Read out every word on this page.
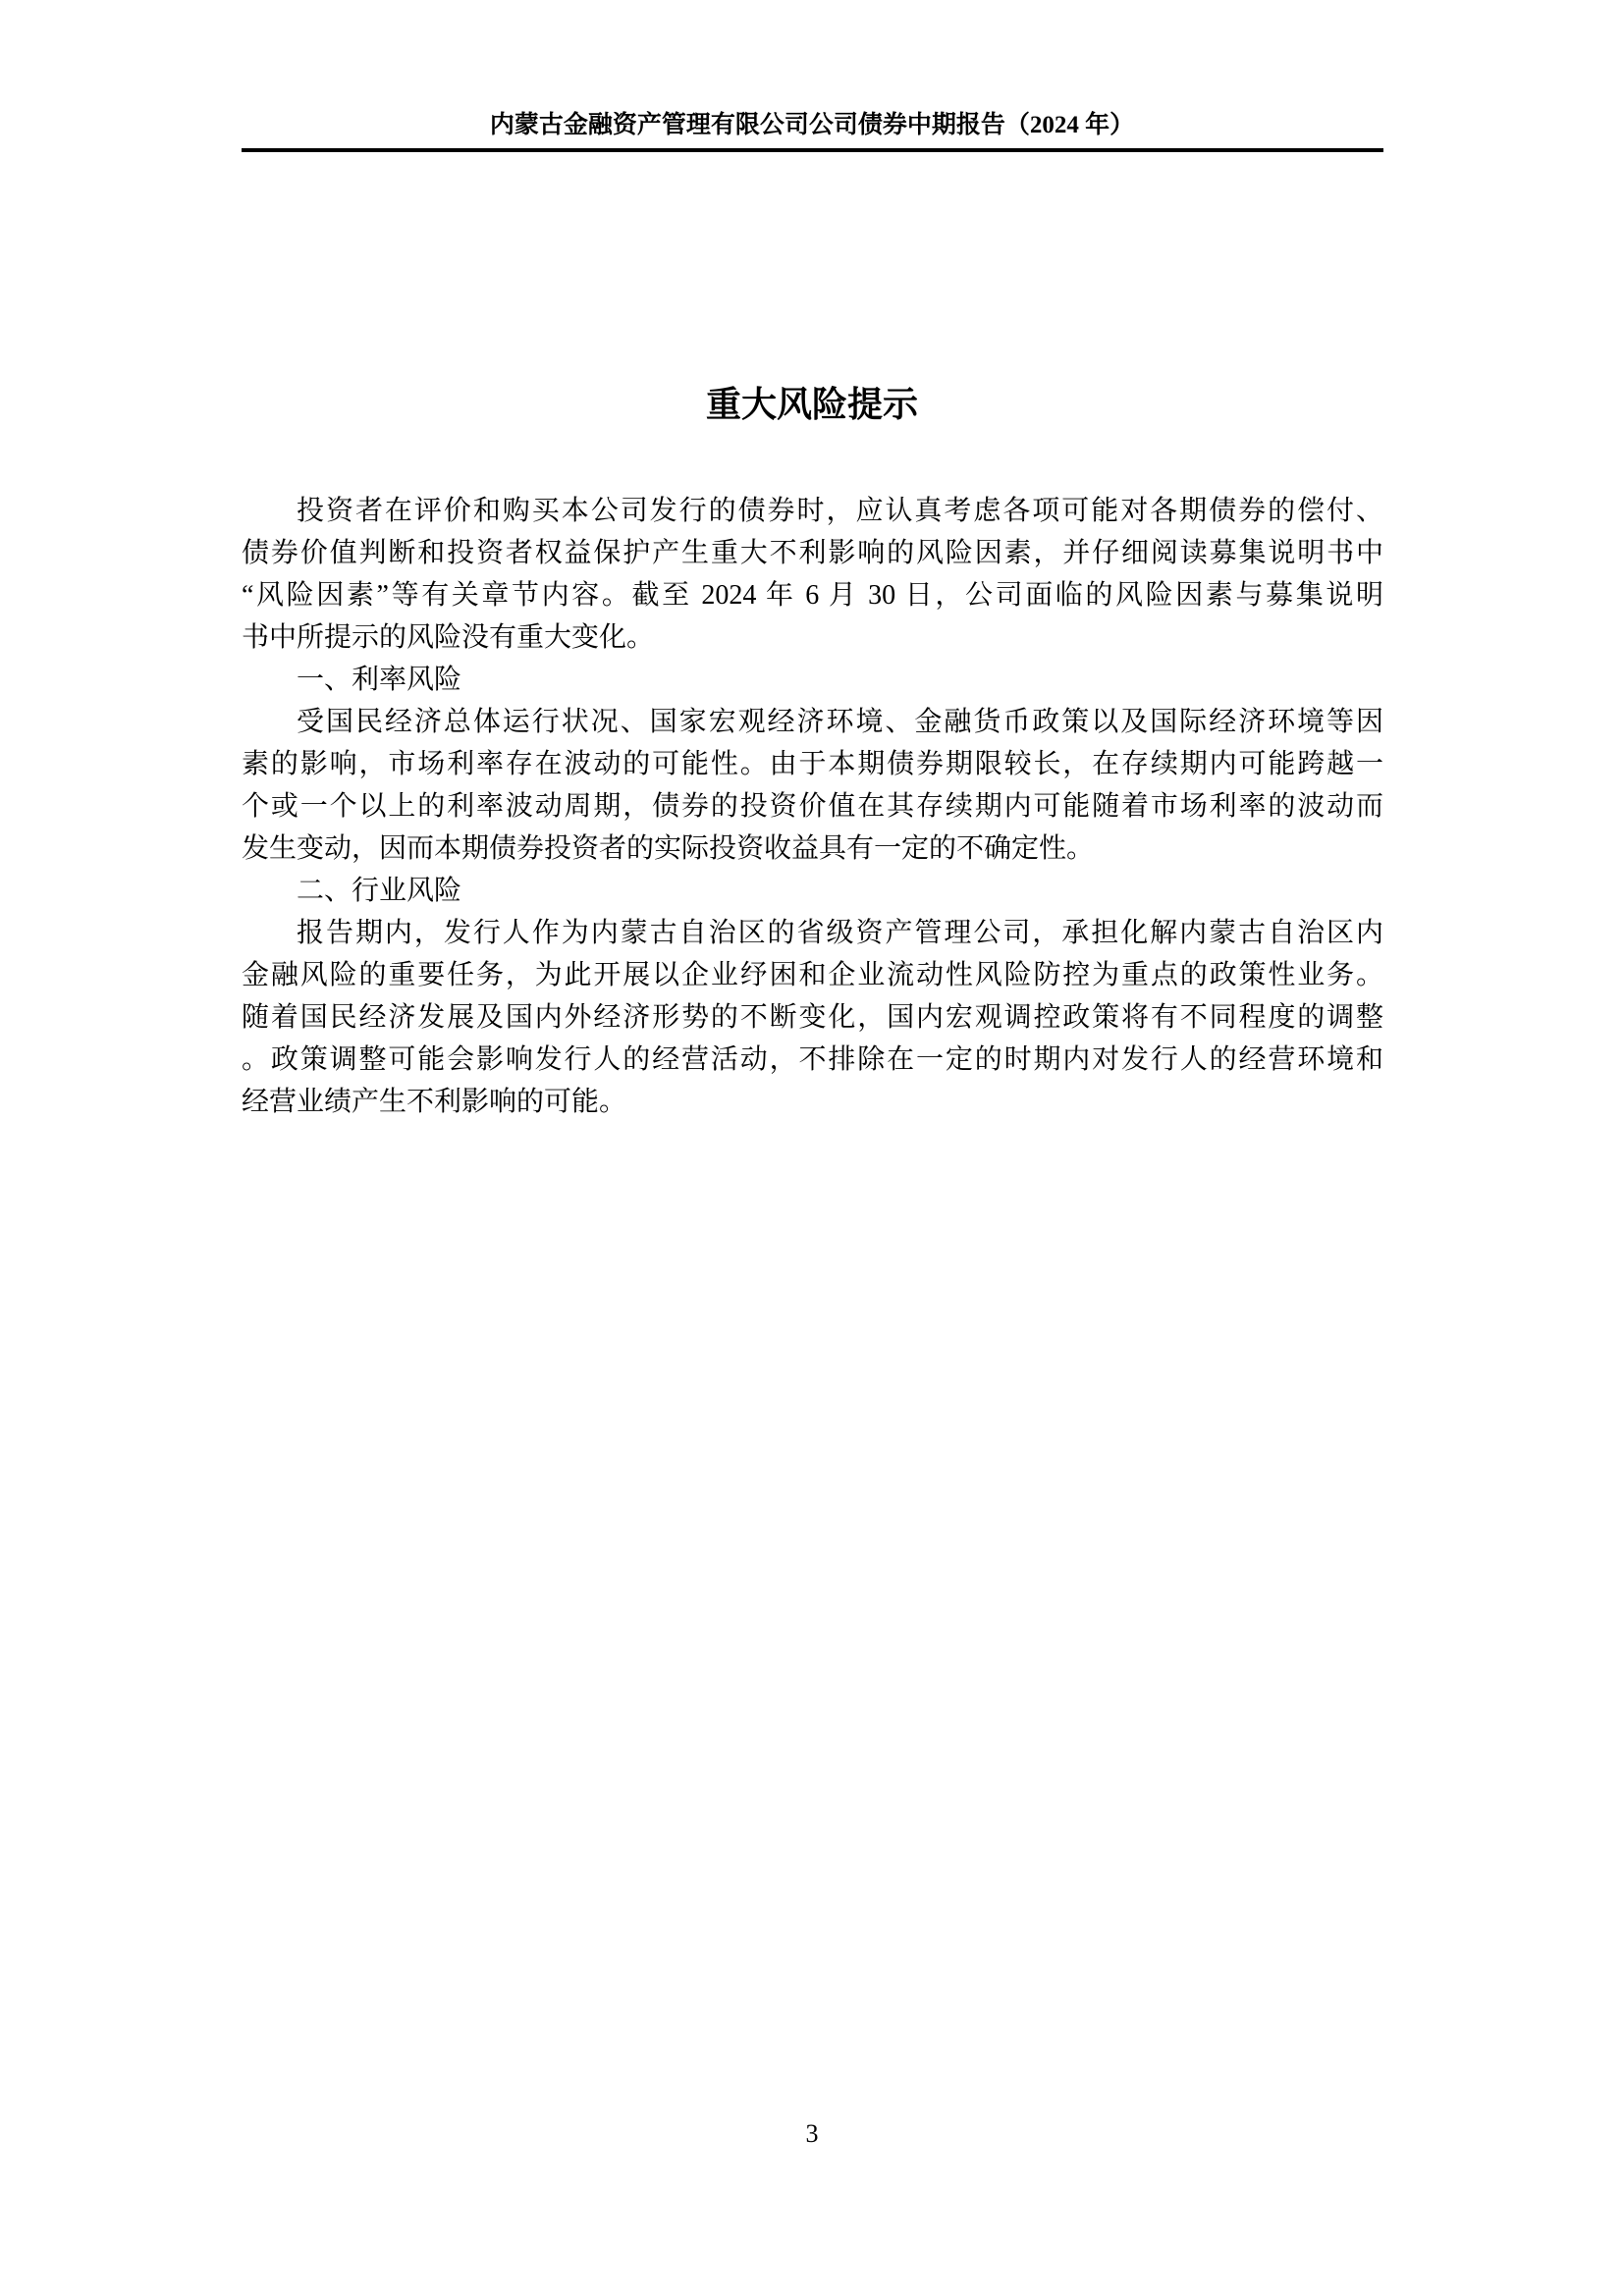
内蒙古金融资产管理有限公司公司债券中期报告（2024 年）
重大风险提示
投资者在评价和购买本公司发行的债券时，应认真考虑各项可能对各期债券的偿付、
债券价值判断和投资者权益保护产生重大不利影响的风险因素，并仔细阅读募集说明书中
“风险因素”等有关章节内容。截至 2024 年 6 月 30 日，公司面临的风险因素与募集说明
书中所提示的风险没有重大变化。
一、利率风险
受国民经济总体运行状况、国家宏观经济环境、金融货币政策以及国际经济环境等因
素的影响，市场利率存在波动的可能性。由于本期债券期限较长，在存续期内可能跨越一
个或一个以上的利率波动周期，债券的投资价值在其存续期内可能随着市场利率的波动而
发生变动，因而本期债券投资者的实际投资收益具有一定的不确定性。
二、行业风险
报告期内，发行人作为内蒙古自治区的省级资产管理公司，承担化解内蒙古自治区内
金融风险的重要任务，为此开展以企业纾困和企业流动性风险防控为重点的政策性业务。
随着国民经济发展及国内外经济形势的不断变化，国内宏观调控政策将有不同程度的调整
。政策调整可能会影响发行人的经营活动，不排除在一定的时期内对发行人的经营环境和
经营业绩产生不利影响的可能。
3
